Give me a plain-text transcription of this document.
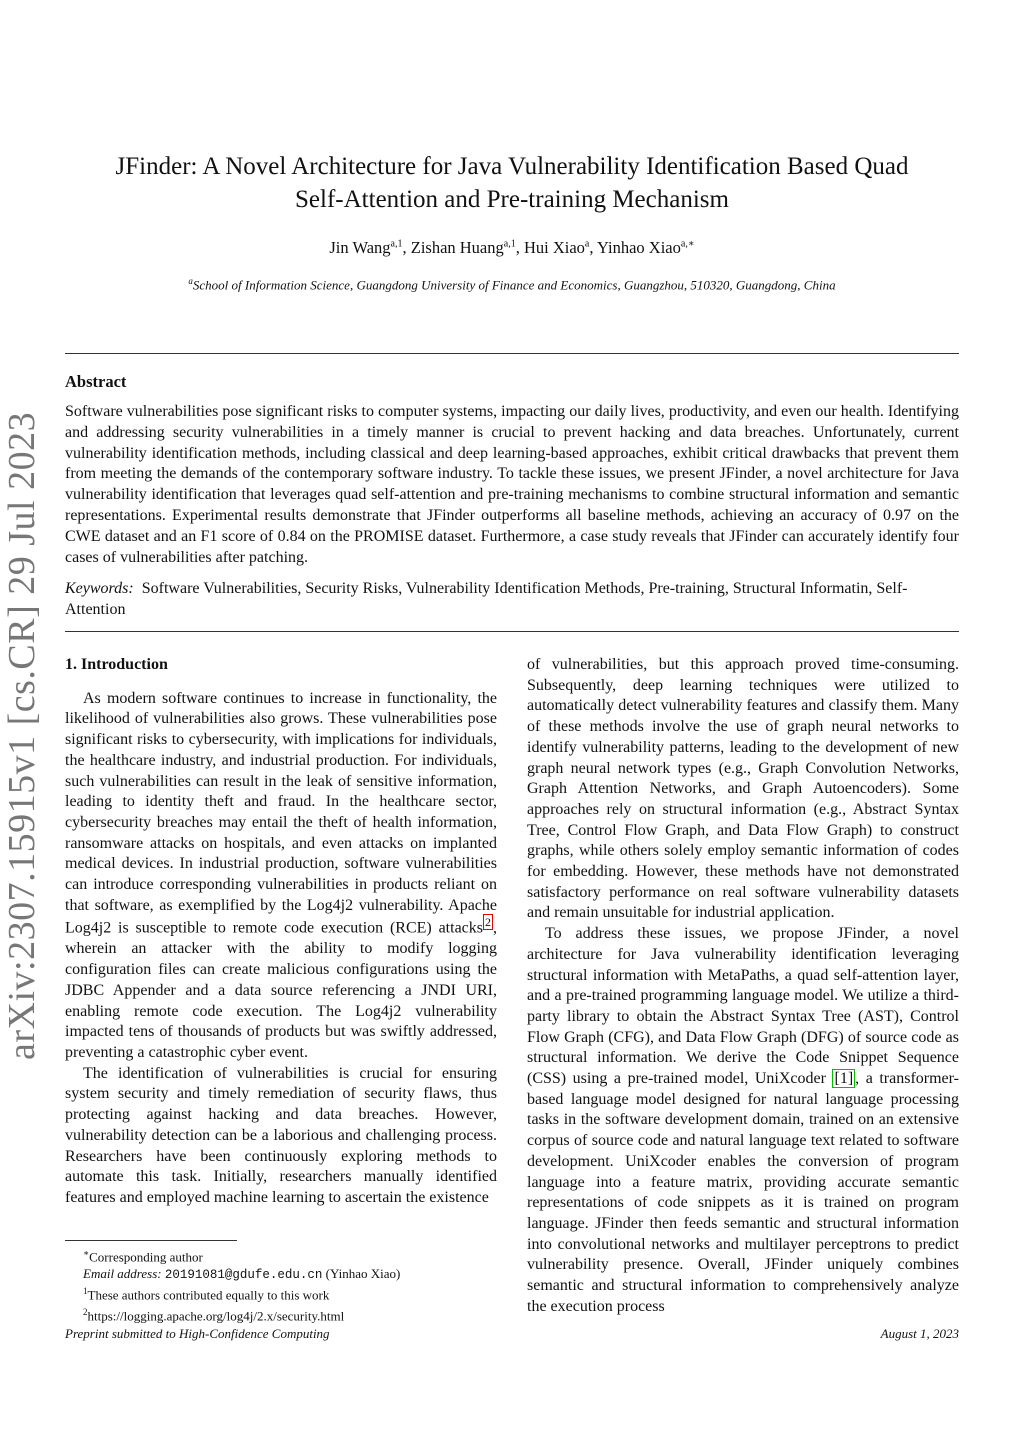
arXiv:2307.15915v1 [cs.CR] 29 Jul 2023
JFinder: A Novel Architecture for Java Vulnerability Identification Based Quad Self-Attention and Pre-training Mechanism
Jin Wang$^{a,1}$, Zishan Huang$^{a,1}$, Hui Xiao$^a$, Yinhao Xiao$^{a,∗}$
$^a$School of Information Science, Guangdong University of Finance and Economics, Guangzhou, 510320, Guangdong, China
Abstract
Software vulnerabilities pose significant risks to computer systems, impacting our daily lives, productivity, and even our health. Identifying and addressing security vulnerabilities in a timely manner is crucial to prevent hacking and data breaches. Unfortunately, current vulnerability identification methods, including classical and deep learning-based approaches, exhibit critical drawbacks that prevent them from meeting the demands of the contemporary software industry. To tackle these issues, we present JFinder, a novel architecture for Java vulnerability identification that leverages quad self-attention and pre-training mechanisms to combine structural information and semantic representations. Experimental results demonstrate that JFinder outperforms all baseline methods, achieving an accuracy of 0.97 on the CWE dataset and an F1 score of 0.84 on the PROMISE dataset. Furthermore, a case study reveals that JFinder can accurately identify four cases of vulnerabilities after patching.
Keywords: Software Vulnerabilities, Security Risks, Vulnerability Identification Methods, Pre-training, Structural Informatin, Self-Attention
1. Introduction

As modern software continues to increase in functionality, the likelihood of vulnerabilities also grows. These vulnerabilities pose significant risks to cybersecurity, with implications for individuals, the healthcare industry, and industrial production. For individuals, such vulnerabilities can result in the leak of sensitive information, leading to identity theft and fraud. In the healthcare sector, cybersecurity breaches may entail the theft of health information, ransomware attacks on hospitals, and even attacks on implanted medical devices. In industrial production, software vulnerabilities can introduce corresponding vulnerabilities in products reliant on that software, as exemplified by the Log4j2 vulnerability. Apache Log4j2 is susceptible to remote code execution (RCE) attacks $^2$ , wherein an attacker with the ability to modify logging configuration files can create malicious configurations using the JDBC Appender and a data source referencing a JNDI URI, enabling remote code execution. The Log4j2 vulnerability impacted tens of thousands of products but was swiftly addressed, preventing a catastrophic cyber event.

The identification of vulnerabilities is crucial for ensuring system security and timely remediation of security flaws, thus protecting against hacking and data breaches. However, vulnerability detection can be a laborious and challenging process. Researchers have been continuously exploring methods to automate this task. Initially, researchers manually identified features and employed machine learning to ascertain the existence

of vulnerabilities, but this approach proved time-consuming. Subsequently, deep learning techniques were utilized to automatically detect vulnerability features and classify them. Many of these methods involve the use of graph neural networks to identify vulnerability patterns, leading to the development of new graph neural network types (e.g., Graph Convolution Networks, Graph Attention Networks, and Graph Autoencoders). Some approaches rely on structural information (e.g., Abstract Syntax Tree, Control Flow Graph, and Data Flow Graph) to construct graphs, while others solely employ semantic information of codes for embedding. However, these methods have not demonstrated satisfactory performance on real software vulnerability datasets and remain unsuitable for industrial application.

To address these issues, we propose JFinder, a novel architecture for Java vulnerability identification leveraging structural information with MetaPaths, a quad self-attention layer, and a pre-trained programming language model. We utilize a third-party library to obtain the Abstract Syntax Tree (AST), Control Flow Graph (CFG), and Data Flow Graph (DFG) of source code as structural information. We derive the Code Snippet Sequence (CSS) using a pre-trained model, UniXcoder [1] , a transformer-based language model designed for natural language processing tasks in the software development domain, trained on an extensive corpus of source code and natural language text related to software development. UniXcoder enables the conversion of program language into a feature matrix, providing accurate semantic representations of code snippets as it is trained on program language. JFinder then feeds semantic and structural information into convolutional networks and multilayer perceptrons to predict vulnerability presence. Overall, JFinder uniquely combines semantic and structural information to comprehensively analyze the execution process

∗Corresponding author
Email address: 20191081@gdufe.edu.cn (Yinhao Xiao)
$^1$These authors contributed equally to this work
$^2$https://logging.apache.org/log4j/2.x/security.html
Preprint submitted to High-Confidence Computing	August 1, 2023
